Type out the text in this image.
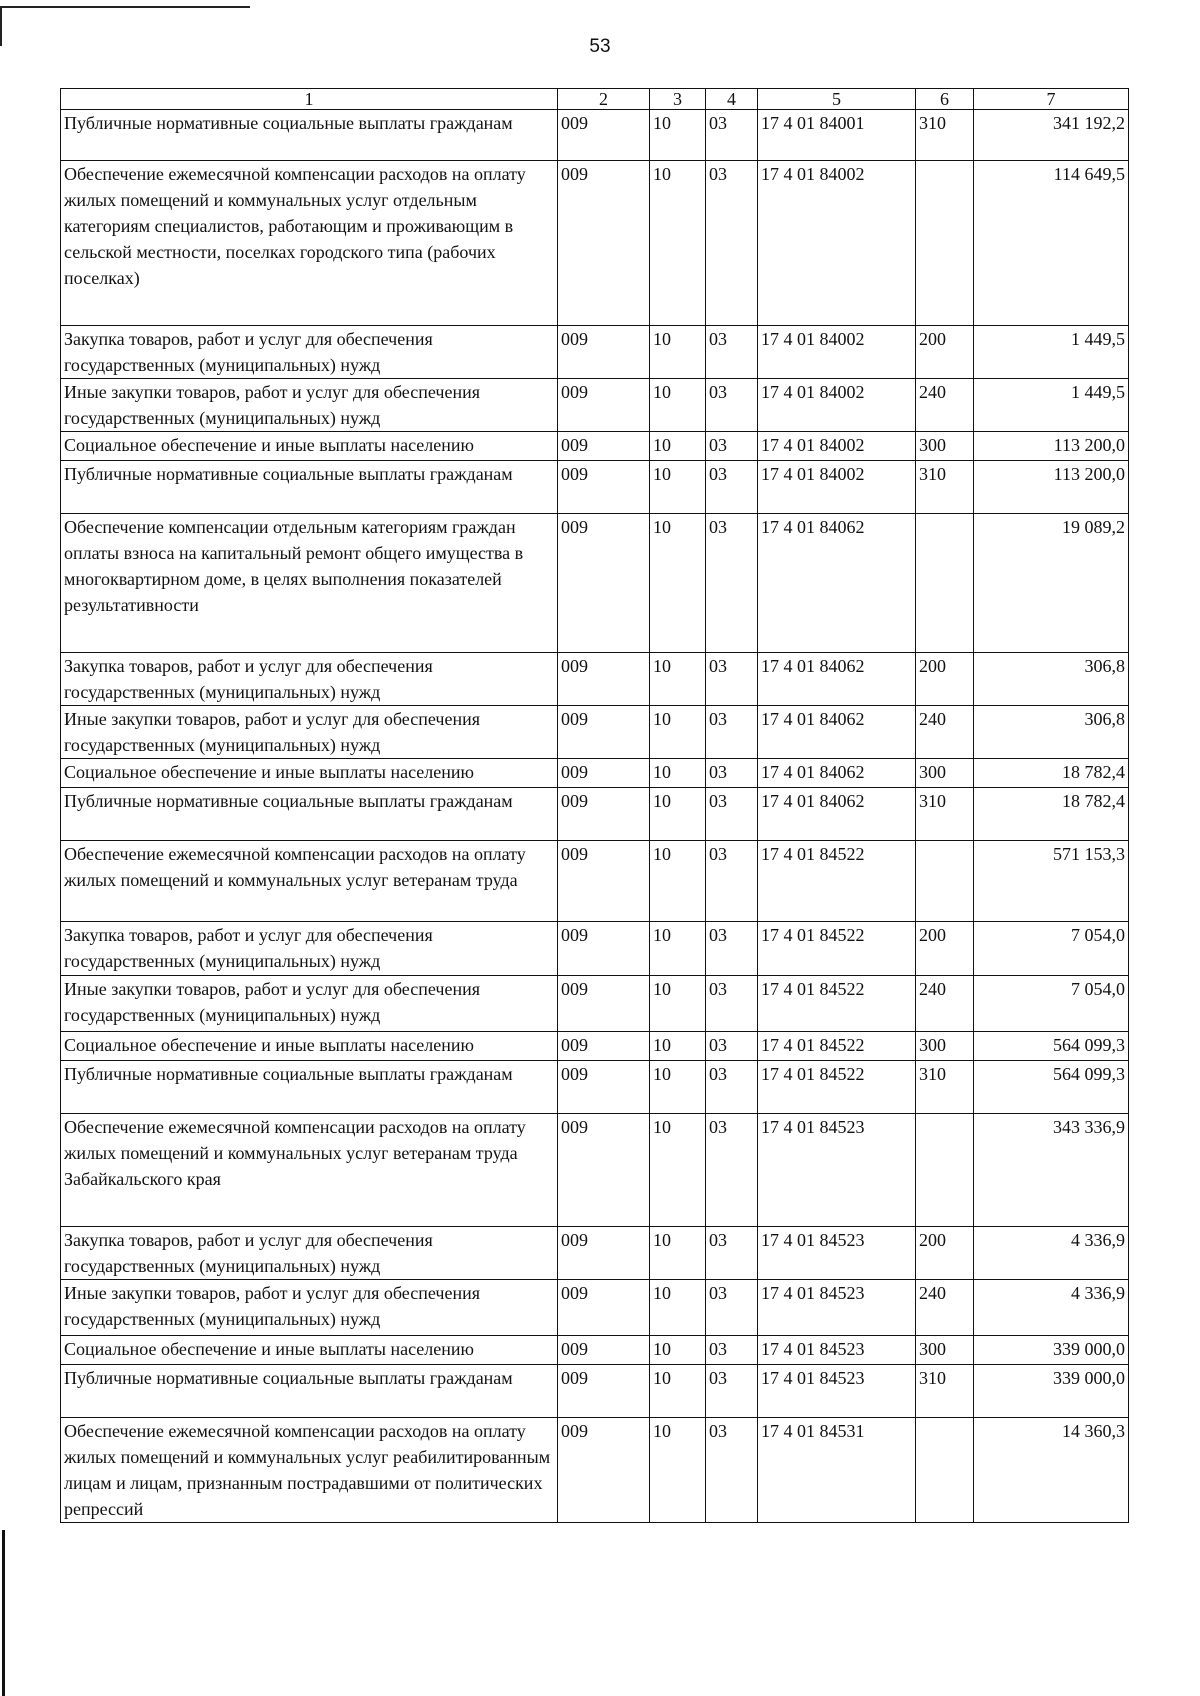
53
1	2	3	4	5	6	7
Публичные нормативные социальные выплаты гражданам	009	10	03	17 4 01 84001	310	341 192,2
Обеспечение ежемесячной компенсации расходов на оплату жилых помещений и коммунальных услуг отдельным категориям специалистов, работающим и проживающим в сельской местности, поселках городского типа (рабочих поселках)	009	10	03	17 4 01 84002		114 649,5
Закупка товаров, работ и услуг для обеспечения государственных (муниципальных) нужд	009	10	03	17 4 01 84002	200	1 449,5
Иные закупки товаров, работ и услуг для обеспечения государственных (муниципальных) нужд	009	10	03	17 4 01 84002	240	1 449,5
Социальное обеспечение и иные выплаты населению	009	10	03	17 4 01 84002	300	113 200,0
Публичные нормативные социальные выплаты гражданам	009	10	03	17 4 01 84002	310	113 200,0
Обеспечение компенсации отдельным категориям граждан оплаты взноса на капитальный ремонт общего имущества в многоквартирном доме, в целях выполнения показателей результативности	009	10	03	17 4 01 84062		19 089,2
Закупка товаров, работ и услуг для обеспечения государственных (муниципальных) нужд	009	10	03	17 4 01 84062	200	306,8
Иные закупки товаров, работ и услуг для обеспечения государственных (муниципальных) нужд	009	10	03	17 4 01 84062	240	306,8
Социальное обеспечение и иные выплаты населению	009	10	03	17 4 01 84062	300	18 782,4
Публичные нормативные социальные выплаты гражданам	009	10	03	17 4 01 84062	310	18 782,4
Обеспечение ежемесячной компенсации расходов на оплату жилых помещений и коммунальных услуг ветеранам труда	009	10	03	17 4 01 84522		571 153,3
Закупка товаров, работ и услуг для обеспечения государственных (муниципальных) нужд	009	10	03	17 4 01 84522	200	7 054,0
Иные закупки товаров, работ и услуг для обеспечения государственных (муниципальных) нужд	009	10	03	17 4 01 84522	240	7 054,0
Социальное обеспечение и иные выплаты населению	009	10	03	17 4 01 84522	300	564 099,3
Публичные нормативные социальные выплаты гражданам	009	10	03	17 4 01 84522	310	564 099,3
Обеспечение ежемесячной компенсации расходов на оплату жилых помещений и коммунальных услуг ветеранам труда Забайкальского края	009	10	03	17 4 01 84523		343 336,9
Закупка товаров, работ и услуг для обеспечения государственных (муниципальных) нужд	009	10	03	17 4 01 84523	200	4 336,9
Иные закупки товаров, работ и услуг для обеспечения государственных (муниципальных) нужд	009	10	03	17 4 01 84523	240	4 336,9
Социальное обеспечение и иные выплаты населению	009	10	03	17 4 01 84523	300	339 000,0
Публичные нормативные социальные выплаты гражданам	009	10	03	17 4 01 84523	310	339 000,0
Обеспечение ежемесячной компенсации расходов на оплату жилых помещений и коммунальных услуг реабилитированным лицам и лицам, признанным пострадавшими от политических репрессий	009	10	03	17 4 01 84531		14 360,3
